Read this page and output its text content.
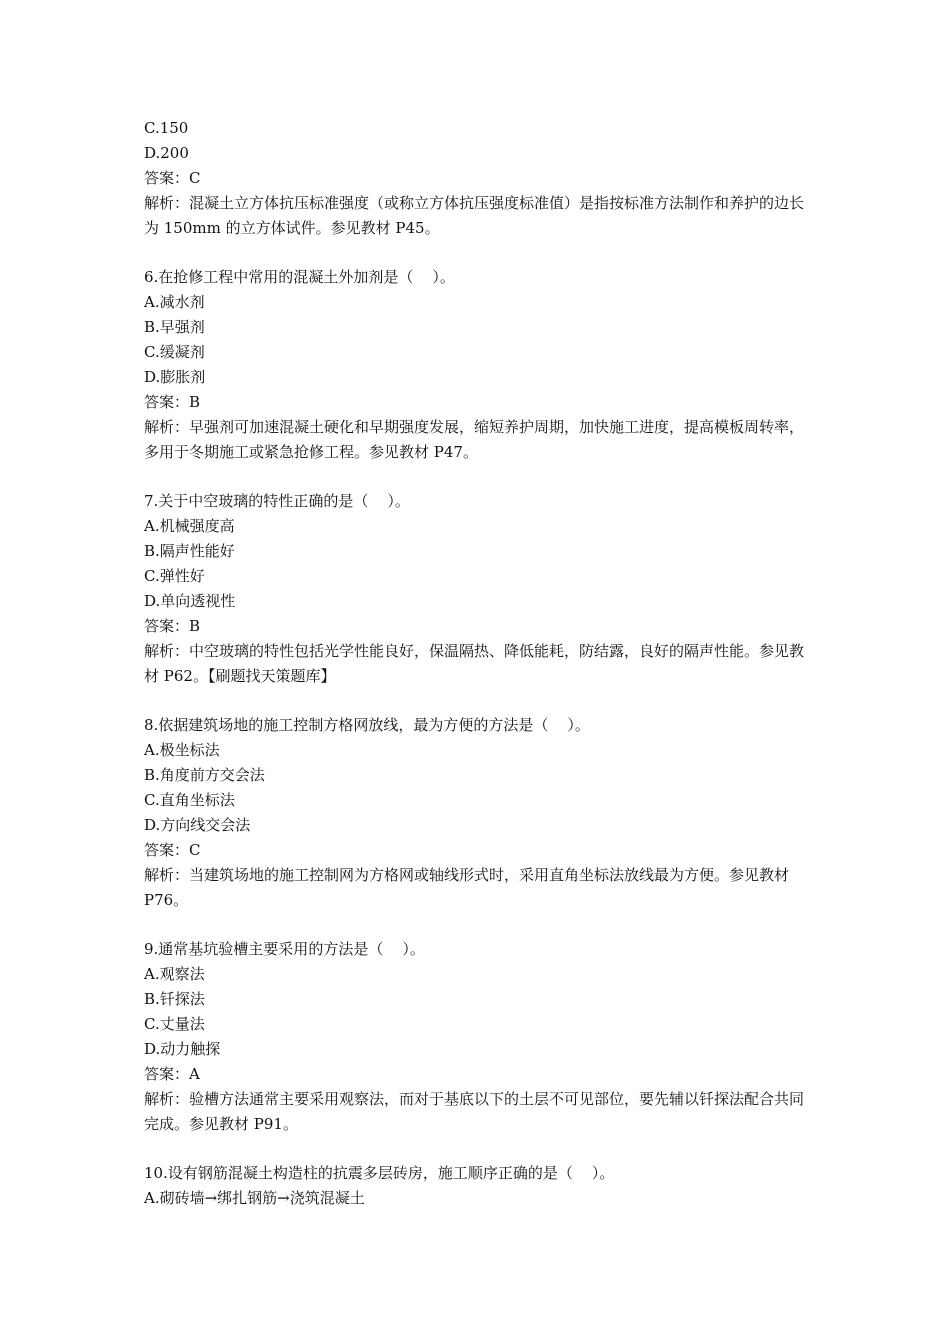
C.150
D.200
答案：C
解析：混凝土立方体抗压标准强度（或称立方体抗压强度标准值）是指按标准方法制作和养护的边长为 150mm 的立方体试件。参见教材 P45。
6.在抢修工程中常用的混凝土外加剂是（    ）。
A.减水剂
B.早强剂
C.缓凝剂
D.膨胀剂
答案：B
解析：早强剂可加速混凝土硬化和早期强度发展，缩短养护周期，加快施工进度，提高模板周转率，多用于冬期施工或紧急抢修工程。参见教材 P47。
7.关于中空玻璃的特性正确的是（    ）。
A.机械强度高
B.隔声性能好
C.弹性好
D.单向透视性
答案：B
解析：中空玻璃的特性包括光学性能良好，保温隔热、降低能耗，防结露，良好的隔声性能。参见教材 P62。【刷题找天策题库】
8.依据建筑场地的施工控制方格网放线，最为方便的方法是（    ）。
A.极坐标法
B.角度前方交会法
C.直角坐标法
D.方向线交会法
答案：C
解析：当建筑场地的施工控制网为方格网或轴线形式时，采用直角坐标法放线最为方便。参见教材 P76。
9.通常基坑验槽主要采用的方法是（    ）。
A.观察法
B.钎探法
C.丈量法
D.动力触探
答案：A
解析：验槽方法通常主要采用观察法，而对于基底以下的土层不可见部位，要先辅以钎探法配合共同完成。参见教材 P91。
10.设有钢筋混凝土构造柱的抗震多层砖房，施工顺序正确的是（    ）。
A.砌砖墙→绑扎钢筋→浇筑混凝土
